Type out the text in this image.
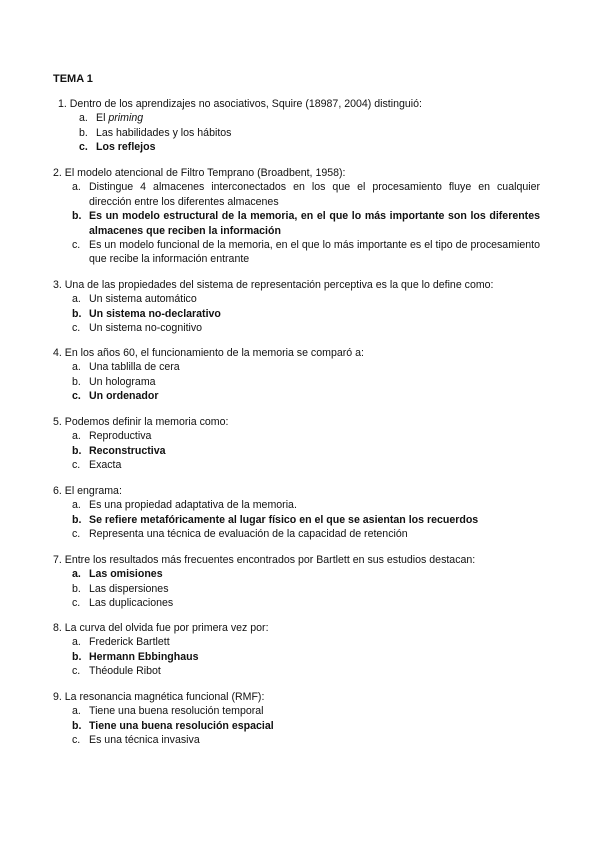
TEMA 1
1. Dentro de los aprendizajes no asociativos, Squire (18987, 2004) distinguió:
a. El priming
b. Las habilidades y los hábitos
c. Los reflejos
2. El modelo atencional de Filtro Temprano (Broadbent, 1958):
a. Distingue 4 almacenes interconectados en los que el procesamiento fluye en cualquier dirección entre los diferentes almacenes
b. Es un modelo estructural de la memoria, en el que lo más importante son los diferentes almacenes que reciben la información
c. Es un modelo funcional de la memoria, en el que lo más importante es el tipo de procesamiento que recibe la información entrante
3. Una de las propiedades del sistema de representación perceptiva es la que lo define como:
a. Un sistema automático
b. Un sistema no-declarativo
c. Un sistema no-cognitivo
4. En los años 60, el funcionamiento de la memoria se comparó a:
a. Una tablilla de cera
b. Un holograma
c. Un ordenador
5. Podemos definir la memoria como:
a. Reproductiva
b. Reconstructiva
c. Exacta
6. El engrama:
a. Es una propiedad adaptativa de la memoria.
b. Se refiere metafóricamente al lugar físico en el que se asientan los recuerdos
c. Representa una técnica de evaluación de la capacidad de retención
7. Entre los resultados más frecuentes encontrados por Bartlett en sus estudios destacan:
a. Las omisiones
b. Las dispersiones
c. Las duplicaciones
8. La curva del olvida fue por primera vez por:
a. Frederick Bartlett
b. Hermann Ebbinghaus
c. Théodule Ribot
9. La resonancia magnética funcional (RMF):
a. Tiene una buena resolución temporal
b. Tiene una buena resolución espacial
c. Es una técnica invasiva
